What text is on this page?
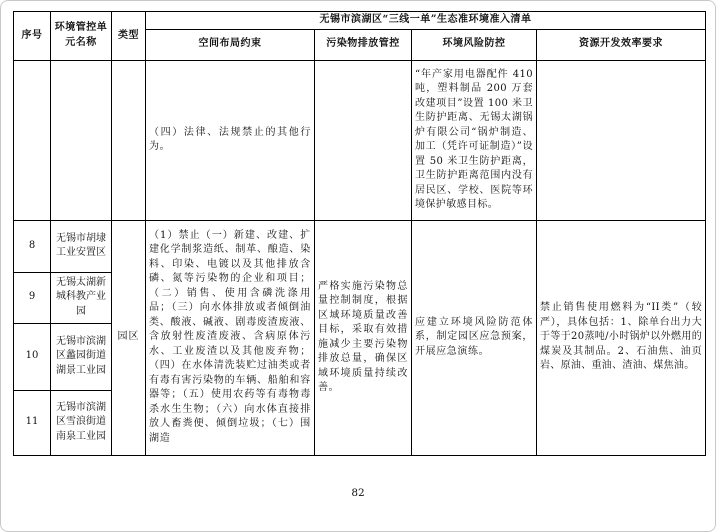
序号	环境管控单元名称	类型	无锡市滨湖区“三线一单”生态准环境准入清单			
			空间布局约束	污染物排放管控	环境风险防控	资源开发效率要求
			（四）法律、法规禁止的其他行为。		“年产家用电器配件 410 吨，塑料制品 200 万套改建项目”设置 100 米卫生防护距离、无锡太湖锅炉有限公司“锅炉制造、加工（凭许可证制造）”设置 50 米卫生防护距离，卫生防护距离范围内没有居民区、学校、医院等环境保护敏感目标。	
8	无锡市胡埭工业安置区	园区	（1）禁止（一）新建、改建、扩建化学制浆造纸、制革、酿造、染料、印染、电镀以及其他排放含磷、氮等污染物的企业和项目；（二）销售、使用含磷洗涤用品；（三）向水体排放或者倾倒油类、酸液、碱液、剧毒废渣废液、含放射性废渣废液、含病原体污水、工业废渣以及其他废弃物；（四）在水体清洗装贮过油类或者有毒有害污染物的车辆、船舶和容器等；（五）使用农药等有毒物毒杀水生生物；（六）向水体直接排放人畜粪便、倾倒垃圾；（七）围湖造	严格实施污染物总量控制制度，根据区域环境质量改善目标，采取有效措施减少主要污染物排放总量，确保区域环境质量持续改善。	应建立环境风险防范体系，制定园区应急预案，开展应急演练。	禁止销售使用燃料为“II类”（较严），具体包括：1、除单台出力大于等于20蒸吨/小时锅炉以外燃用的煤炭及其制品。2、石油焦、油页岩、原油、重油、渣油、煤焦油。
9	无锡太湖新城科教产业园					
10	无锡市滨湖区蠡园街道湖景工业园					
11	无锡市滨湖区雪浪街道南泉工业园					
82
